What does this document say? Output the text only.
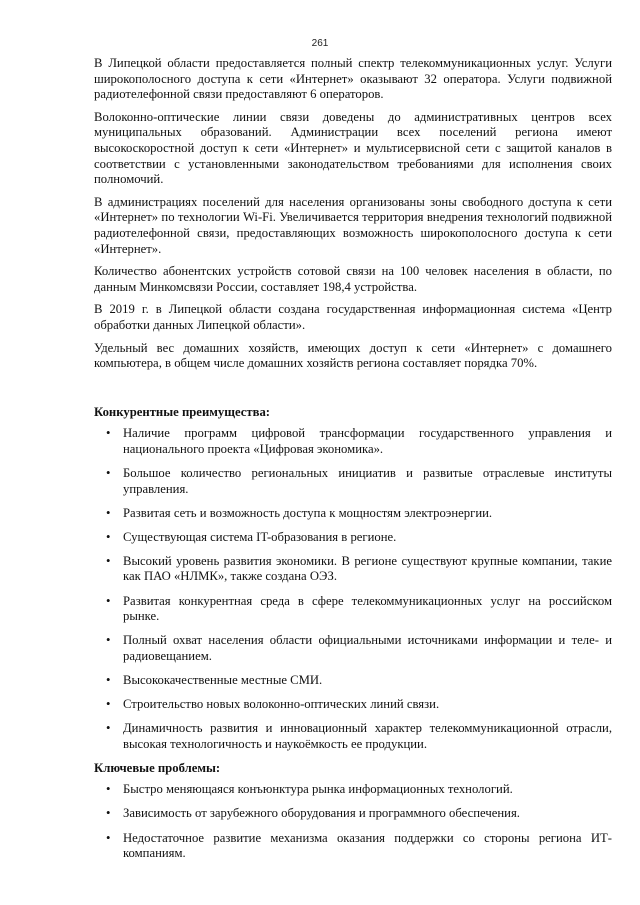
261

В Липецкой области предоставляется полный спектр телекоммуникационных услуг. Услуги широкополосного доступа к сети «Интернет» оказывают 32 оператора. Услуги подвижной радиотелефонной связи предоставляют 6 операторов.

Волоконно-оптические линии связи доведены до административных центров всех муниципальных образований. Администрации всех поселений региона имеют высокоскоростной доступ к сети «Интернет» и мультисервисной сети с защитой каналов в соответствии с установленными законодательством требованиями для исполнения своих полномочий.

В администрациях поселений для населения организованы зоны свободного доступа к сети «Интернет» по технологии Wi-Fi. Увеличивается территория внедрения технологий подвижной радиотелефонной связи, предоставляющих возможность широкополосного доступа к сети «Интернет».

Количество абонентских устройств сотовой связи на 100 человек населения в области, по данным Минкомсвязи России, составляет 198,4 устройства.

В 2019 г. в Липецкой области создана государственная информационная система «Центр обработки данных Липецкой области».

Удельный вес домашних хозяйств, имеющих доступ к сети «Интернет» с домашнего компьютера, в общем числе домашних хозяйств региона составляет порядка 70%.

Конкурентные преимущества:
• Наличие программ цифровой трансформации государственного управления и национального проекта «Цифровая экономика».
• Большое количество региональных инициатив и развитые отраслевые институты управления.
• Развитая сеть и возможность доступа к мощностям электроэнергии.
• Существующая система IT-образования в регионе.
• Высокий уровень развития экономики. В регионе существуют крупные компании, такие как ПАО «НЛМК», также создана ОЭЗ.
• Развитая конкурентная среда в сфере телекоммуникационных услуг на российском рынке.
• Полный охват населения области официальными источниками информации и теле- и радиовещанием.
• Высококачественные местные СМИ.
• Строительство новых волоконно-оптических линий связи.
• Динамичность развития и инновационный характер телекоммуникационной отрасли, высокая технологичность и наукоёмкость ее продукции.
Ключевые проблемы:
• Быстро меняющаяся конъюнктура рынка информационных технологий.
• Зависимость от зарубежного оборудования и программного обеспечения.
• Недостаточное развитие механизма оказания поддержки со стороны региона ИТ-компаниям.
